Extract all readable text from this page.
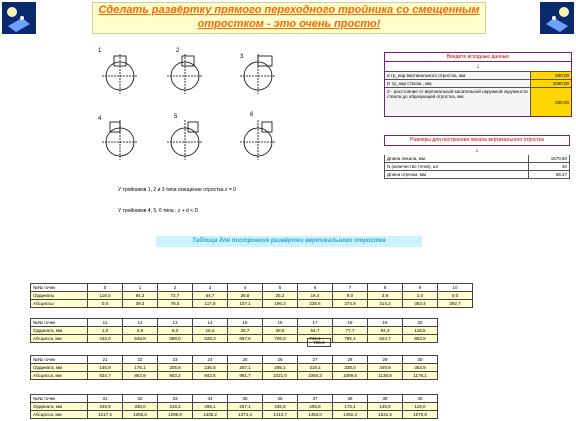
Сделать развёртку прямого переходного тройника со смещенным
отростком - это очень просто!
1	2
3
4	5	6
У тройников 1, 2 и 3 типа смещение отростка z = 0
У тройников 4, 5, 6 типа : z + d < D
Введите исходные данные
↓
d тр_нар вертикального отростка, мм	500,00
D тр_нар ствола , мм	2000,00
Z - расстояние от вертикальной касательной наружной окружности ствола до образующей отростка, мм
200,00
Размеры для построения лекала вертикального отростка
↓
Длина лекала, мм	1570,80
N (количество точек), шт	40
Длина отрезка, мм	39,27
Таблица для построения развёртки вертикального отростка
№№ точек	0	1	2	3	4	5	6	7	8	9	10
Ординаты	118,0	94,3	72,7	54,7	38,8	25,2	16,4	9,0	3,9	1,0	0,0
Абсциссы	0,0	39,3	78,5	117,8	157,1	196,3	235,6	274,9	314,2	353,4	392,7
№№ точек	11	12	13	14	15	16	17	18	19	20
Ордината, мм	1,0	3,9	9,0	16,4	26,7	38,8	54,7	77,7	94,3	118,8
Абсцисса, мм	432,0	549,8	589,0	628,3	667,6	706,9	746,1	785,4	824,7	863,9
№№ точек	21	22	23	24	25	26	27	28	29	30
Ордината, мм	145,9	175,1	205,8	236,8	267,1	295,1	319,2	338,0	349,9	353,9
Абсцисса, мм	824,7	863,9	903,2	942,5	981,7	1021,0	1060,3	1099,6	1138,8	1178,1
№№ точек	31	32	33	34	35	36	37	38	39	40
Ордината, мм	349,9	338,0	319,2	295,1	267,1	236,8	205,8	175,1	145,9	118,0
Абсцисса, мм	1217,4	1256,6	1295,9	1335,2	1374,4	1413,7	1453,0	1492,3	1531,5	1570,8
706,9
